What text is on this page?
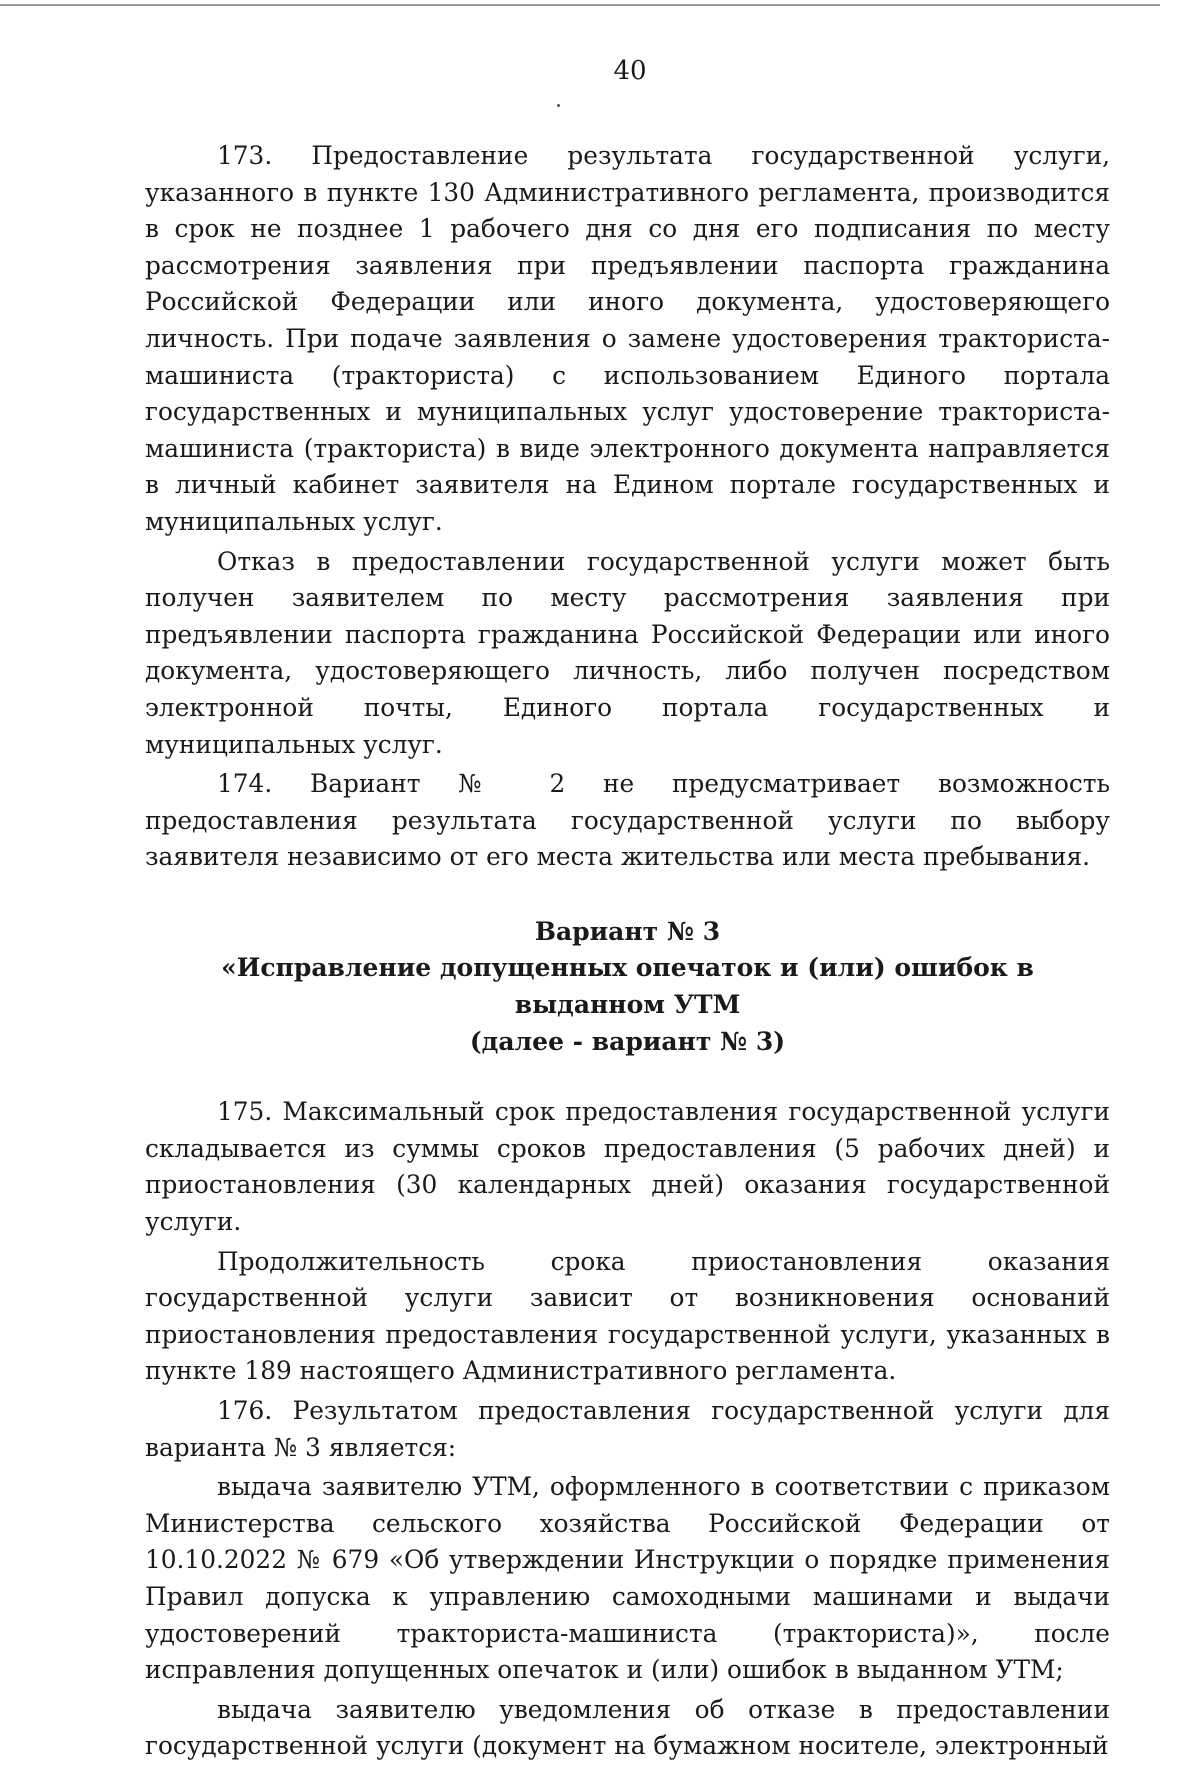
40

173. Предоставление результата государственной услуги, указанного в пункте 130 Административного регламента, производится в срок не позднее 1 рабочего дня со дня его подписания по месту рассмотрения заявления при предъявлении паспорта гражданина Российской Федерации или иного документа, удостоверяющего личность. При подаче заявления о замене удостоверения тракториста-машиниста (тракториста) с использованием Единого портала государственных и муниципальных услуг удостоверение тракториста-машиниста (тракториста) в виде электронного документа направляется в личный кабинет заявителя на Едином портале государственных и муниципальных услуг.

Отказ в предоставлении государственной услуги может быть получен заявителем по месту рассмотрения заявления при предъявлении паспорта гражданина Российской Федерации или иного документа, удостоверяющего личность, либо получен посредством электронной почты, Единого портала государственных и муниципальных услуг.

174. Вариант № 2 не предусматривает возможность предоставления результата государственной услуги по выбору заявителя независимо от его места жительства или места пребывания.

Вариант № 3
«Исправление допущенных опечаток и (или) ошибок в выданном УТМ
(далее - вариант № 3)

175. Максимальный срок предоставления государственной услуги складывается из суммы сроков предоставления (5 рабочих дней) и приостановления (30 календарных дней) оказания государственной услуги.

Продолжительность срока приостановления оказания государственной услуги зависит от возникновения оснований приостановления предоставления государственной услуги, указанных в пункте 189 настоящего Административного регламента.

176. Результатом предоставления государственной услуги для варианта № 3 является:

выдача заявителю УТМ, оформленного в соответствии с приказом Министерства сельского хозяйства Российской Федерации от 10.10.2022 № 679 «Об утверждении Инструкции о порядке применения Правил допуска к управлению самоходными машинами и выдачи удостоверений тракториста-машиниста (тракториста)», после исправления допущенных опечаток и (или) ошибок в выданном УТМ;

выдача заявителю уведомления об отказе в предоставлении государственной услуги (документ на бумажном носителе, электронный
